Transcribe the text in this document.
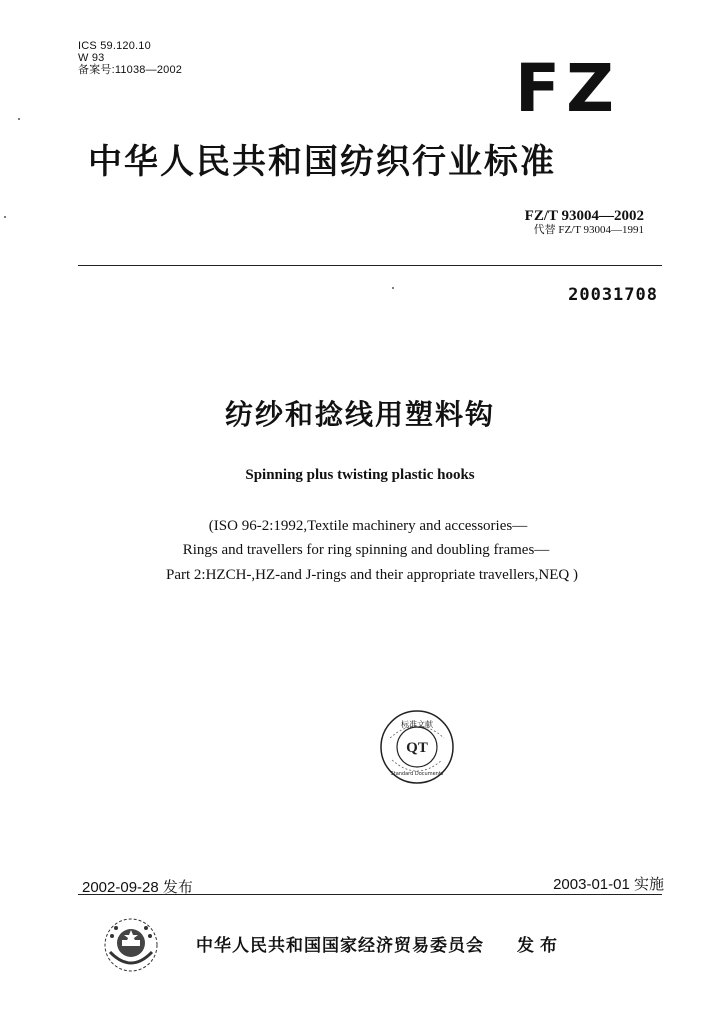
ICS 59.120.10
W 93
备案号:11038—2002	FZ
中华人民共和国纺织行业标准
FZ/T 93004—2002
代替 FZ/T 93004—1991
20031708
纺纱和捻线用塑料钩
Spinning plus twisting plastic hooks
(ISO 96-2:1992,Textile machinery and accessories—
Rings and travellers for ring spinning and doubling frames—
Part 2:HZCH-,HZ-and J-rings and their appropriate travellers,NEQ )
标准文献
QT
Standard Documents
2002-09-28 发布	2003-01-01 实施
中华人民共和国国家经济贸易委员会 发布
